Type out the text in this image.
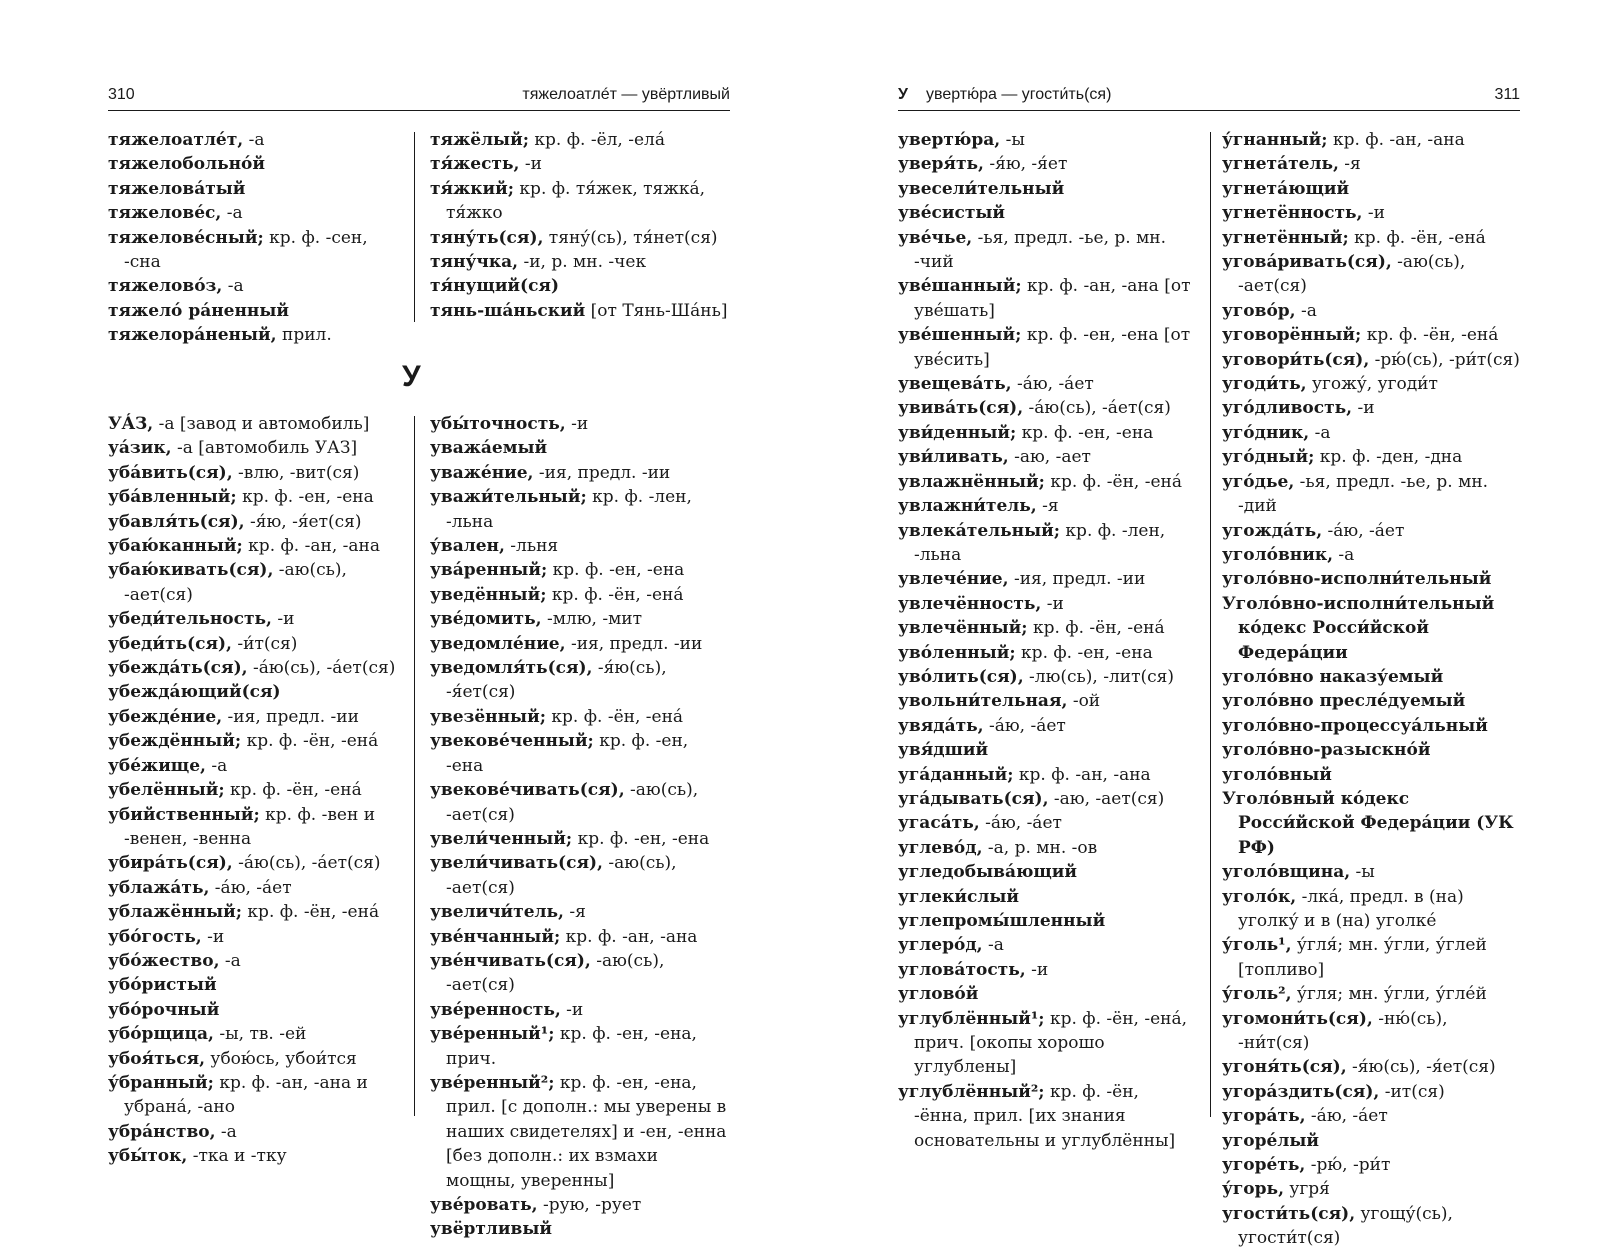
310	тяжелоатлéт — увёртливый
тяжелоатлéт, -а
тяжелобольнóй
тяжеловáтый
тяжеловéс, -а
тяжеловéсный; кр. ф. -сен, -сна
тяжеловóз, -а
тяжелó рáненный
тяжелорáненый, прил.
тяжёлый; кр. ф. -ёл, -елá
тя́жесть, -и
тя́жкий; кр. ф. тя́жек, тяжкá, тя́жко
тяну́ть(ся), тяну́(сь), тя́нет(ся)
тяну́чка, -и, р. мн. -чек
тя́нущий(ся)
тянь-шáньский [от Тянь-Шáнь]
У
УÁЗ, -а [завод и автомобиль]
уáзик, -а [автомобиль УАЗ]
убáвить(ся), -влю, -вит(ся)
убáвленный; кр. ф. -ен, -ена
убавля́ть(ся), -я́ю, -я́ет(ся)
убаю́канный; кр. ф. -ан, -ана
убаю́кивать(ся), -аю(сь), -ает(ся)
убеди́тельность, -и
убеди́ть(ся), -и́т(ся)
убеждáть(ся), -áю(сь), -áет(ся)
убеждáющий(ся)
убеждéние, -ия, предл. -ии
убеждённый; кр. ф. -ён, -енá
убéжище, -а
убелённый; кр. ф. -ён, -енá
убийственный; кр. ф. -вен и -венен, -венна
убирáть(ся), -áю(сь), -áет(ся)
ублажáть, -áю, -áет
ублажённый; кр. ф. -ён, -енá
убóгость, -и
убóжество, -а
убóристый
убóрочный
убóрщица, -ы, тв. -ей
убоя́ться, убою́сь, убои́тся
у́бранный; кр. ф. -ан, -ана и убранá, -ано
убрáнство, -а
убы́ток, -тка и -тку
убы́точность, -и
уважáемый
уважéние, -ия, предл. -ии
уважи́тельный; кр. ф. -лен, -льна
у́вален, -льня
увáренный; кр. ф. -ен, -ена
уведённый; кр. ф. -ён, -енá
увéдомить, -млю, -мит
уведомлéние, -ия, предл. -ии
уведомля́ть(ся), -я́ю(сь), -я́ет(ся)
увезённый; кр. ф. -ён, -енá
увековéченный; кр. ф. -ен, -ена
увековéчивать(ся), -аю(сь), -ает(ся)
увели́ченный; кр. ф. -ен, -ена
увели́чивать(ся), -аю(сь), -ает(ся)
увеличи́тель, -я
увéнчанный; кр. ф. -ан, -ана
увéнчивать(ся), -аю(сь), -ает(ся)
увéренность, -и
увéренный¹; кр. ф. -ен, -ена, прич.
увéренный²; кр. ф. -ен, -ена, прил. [с дополн.: мы уверены в наших свидетелях] и -ен, -енна [без дополн.: их взмахи мощны, уверенны]
увéровать, -рую, -рует
увёртливый
У увертю́ра — угости́ть(ся)	311
увертю́ра, -ы
уверя́ть, -я́ю, -я́ет
увесели́тельный
увéсистый
увéчье, -ья, предл. -ье, р. мн. -чий
увéшанный; кр. ф. -ан, -ана [от увéшать]
увéшенный; кр. ф. -ен, -ена [от увéсить]
увещевáть, -áю, -áет
увивáть(ся), -áю(сь), -áет(ся)
уви́денный; кр. ф. -ен, -ена
уви́ливать, -аю, -ает
увлажнённый; кр. ф. -ён, -енá
увлажни́тель, -я
увлекáтельный; кр. ф. -лен, -льна
увлечéние, -ия, предл. -ии
увлечённость, -и
увлечённый; кр. ф. -ён, -енá
увóленный; кр. ф. -ен, -ена
увóлить(ся), -лю(сь), -лит(ся)
увольни́тельная, -ой
увядáть, -áю, -áет
увя́дший
угáданный; кр. ф. -ан, -ана
угáдывать(ся), -аю, -ает(ся)
угасáть, -áю, -áет
углевóд, -а, р. мн. -ов
угледобывáющий
углеки́слый
углепромы́шленный
углерóд, -а
угловáтость, -и
угловóй
углублённый¹; кр. ф. -ён, -енá, прич. [окопы хорошо углублены]
углублённый²; кр. ф. -ён, -ённа, прил. [их знания основательны и углублённы]
у́гнанный; кр. ф. -ан, -ана
угнетáтель, -я
угнетáющий
угнетённость, -и
угнетённый; кр. ф. -ён, -енá
уговáривать(ся), -аю(сь), -ает(ся)
уговóр, -а
уговорённый; кр. ф. -ён, -енá
уговори́ть(ся), -рю́(сь), -ри́т(ся)
угоди́ть, угожу́, угоди́т
угóдливость, -и
угóдник, -а
угóдный; кр. ф. -ден, -дна
угóдье, -ья, предл. -ье, р. мн. -дий
угождáть, -áю, -áет
уголóвник, -а
уголóвно-исполни́тельный
Уголóвно-исполни́тельный кóдекс Росси́йской Федерáции
уголóвно наказу́емый
уголóвно преслéдуемый
уголóвно-процессуáльный
уголóвно-разыскнóй
уголóвный
Уголóвный кóдекс Росси́йской Федерáции (УК РФ)
уголóвщина, -ы
уголóк, -лкá, предл. в (на) уголку́ и в (на) уголкé
у́голь¹, у́гля́; мн. у́гли, у́глей [топливо]
у́голь², у́гля; мн. у́гли, у́глéй
угомони́ть(ся), -ню́(сь), -ни́т(ся)
угоня́ть(ся), -я́ю(сь), -я́ет(ся)
угорáздить(ся), -ит(ся)
угорáть, -áю, -áет
угорéлый
угорéть, -рю́, -ри́т
у́горь, угря́
угости́ть(ся), угощу́(сь), угости́т(ся)
